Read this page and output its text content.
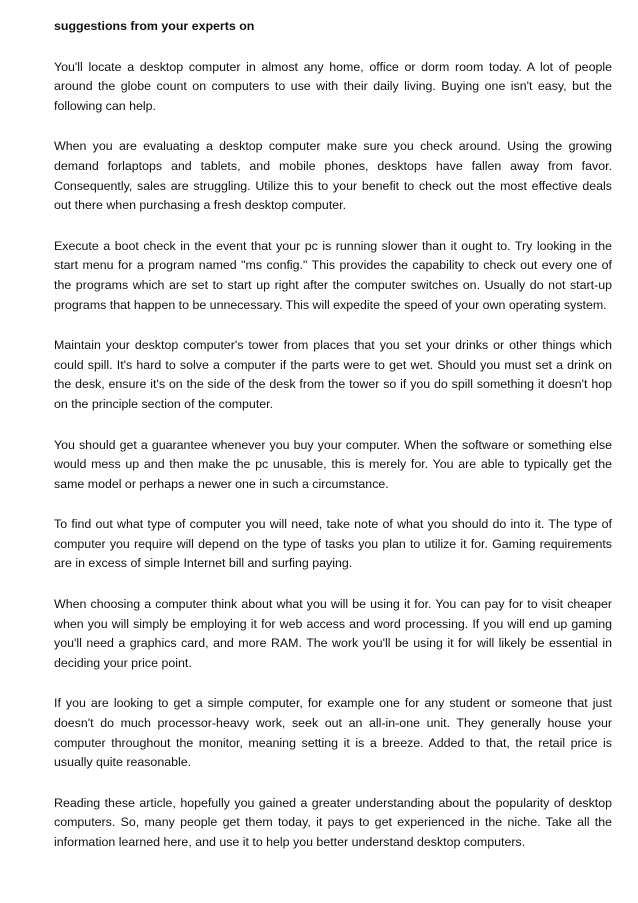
suggestions from your experts on

You'll locate a desktop computer in almost any home, office or dorm room today. A lot of people around the globe count on computers to use with their daily living. Buying one isn't easy, but the following can help.

When you are evaluating a desktop computer make sure you check around. Using the growing demand forlaptops and tablets, and mobile phones, desktops have fallen away from favor. Consequently, sales are struggling. Utilize this to your benefit to check out the most effective deals out there when purchasing a fresh desktop computer.

Execute a boot check in the event that your pc is running slower than it ought to. Try looking in the start menu for a program named "ms config." This provides the capability to check out every one of the programs which are set to start up right after the computer switches on. Usually do not start-up programs that happen to be unnecessary. This will expedite the speed of your own operating system.

Maintain your desktop computer's tower from places that you set your drinks or other things which could spill. It's hard to solve a computer if the parts were to get wet. Should you must set a drink on the desk, ensure it's on the side of the desk from the tower so if you do spill something it doesn't hop on the principle section of the computer.

You should get a guarantee whenever you buy your computer. When the software or something else would mess up and then make the pc unusable, this is merely for. You are able to typically get the same model or perhaps a newer one in such a circumstance.

To find out what type of computer you will need, take note of what you should do into it. The type of computer you require will depend on the type of tasks you plan to utilize it for. Gaming requirements are in excess of simple Internet bill and surfing paying.

When choosing a computer think about what you will be using it for. You can pay for to visit cheaper when you will simply be employing it for web access and word processing. If you will end up gaming you'll need a graphics card, and more RAM. The work you'll be using it for will likely be essential in deciding your price point.

If you are looking to get a simple computer, for example one for any student or someone that just doesn't do much processor-heavy work, seek out an all-in-one unit. They generally house your computer throughout the monitor, meaning setting it is a breeze. Added to that, the retail price is usually quite reasonable.

Reading these article, hopefully you gained a greater understanding about the popularity of desktop computers. So, many people get them today, it pays to get experienced in the niche. Take all the information learned here, and use it to help you better understand desktop computers.
